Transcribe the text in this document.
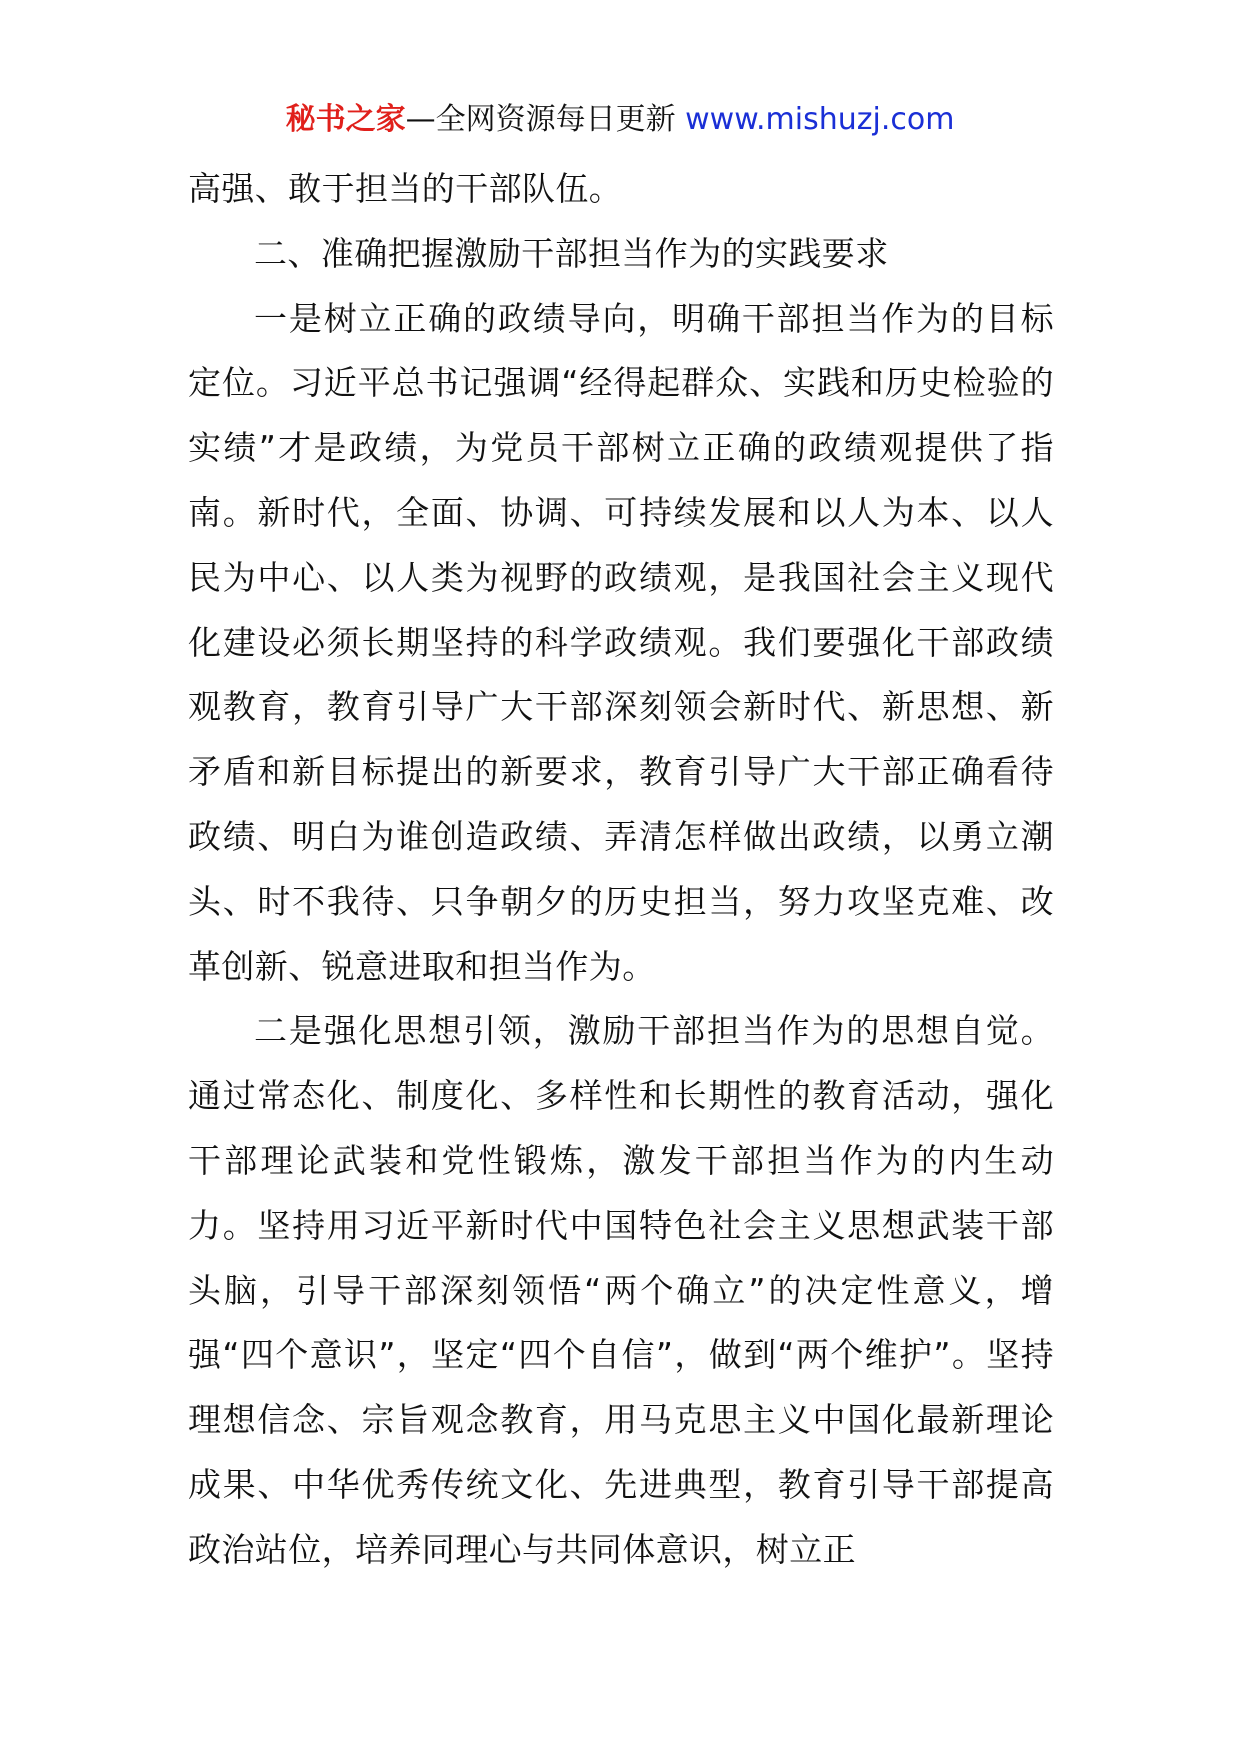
秘书之家—全网资源每日更新 www.mishuzj.com

高强、敢于担当的干部队伍。

二、准确把握激励干部担当作为的实践要求

一是树立正确的政绩导向，明确干部担当作为的目标定位。习近平总书记强调“经得起群众、实践和历史检验的实绩”才是政绩，为党员干部树立正确的政绩观提供了指南。新时代，全面、协调、可持续发展和以人为本、以人民为中心、以人类为视野的政绩观，是我国社会主义现代化建设必须长期坚持的科学政绩观。我们要强化干部政绩观教育，教育引导广大干部深刻领会新时代、新思想、新矛盾和新目标提出的新要求，教育引导广大干部正确看待政绩、明白为谁创造政绩、弄清怎样做出政绩，以勇立潮头、时不我待、只争朝夕的历史担当，努力攻坚克难、改革创新、锐意进取和担当作为。

二是强化思想引领，激励干部担当作为的思想自觉。通过常态化、制度化、多样性和长期性的教育活动，强化干部理论武装和党性锻炼，激发干部担当作为的内生动力。坚持用习近平新时代中国特色社会主义思想武装干部头脑，引导干部深刻领悟“两个确立”的决定性意义，增强“四个意识”，坚定“四个自信”，做到“两个维护”。坚持理想信念、宗旨观念教育，用马克思主义中国化最新理论成果、中华优秀传统文化、先进典型，教育引导干部提高政治站位，培养同理心与共同体意识，树立正
